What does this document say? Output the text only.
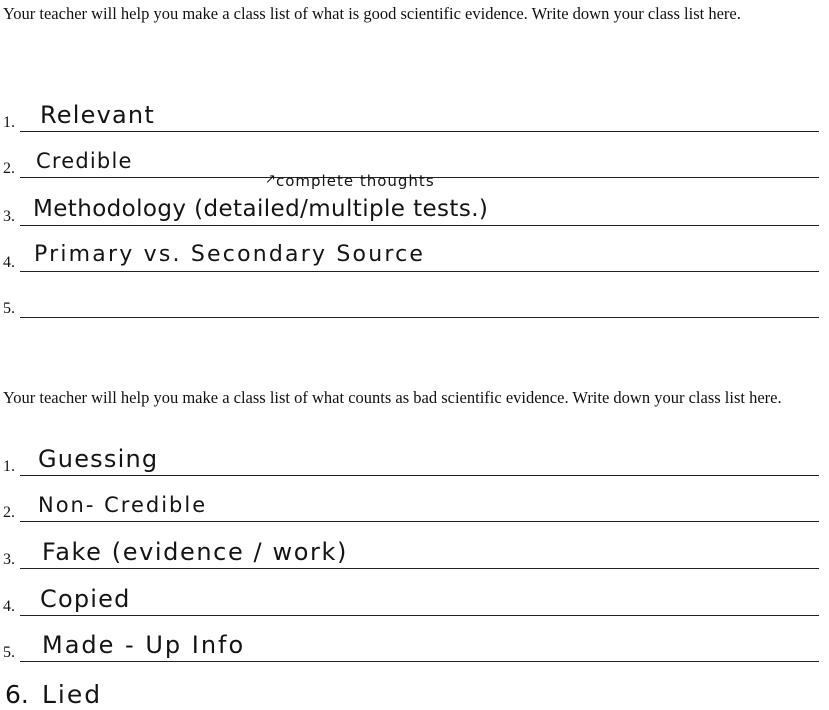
Your teacher will help you make a class list of what is good scientific evidence. Write down your class list here.

1. Relevant
2. Credible
3.
↗ complete thoughts
Methodology (detailed/multiple tests.)
4. Primary vs. Secondary Source
5.

Your teacher will help you make a class list of what counts as bad scientific evidence. Write down your class list here.

1. Guessing
2. Non- Credible
3. Fake (evidence / work)
4. Copied
5. Made - Up Info
6. Lied
